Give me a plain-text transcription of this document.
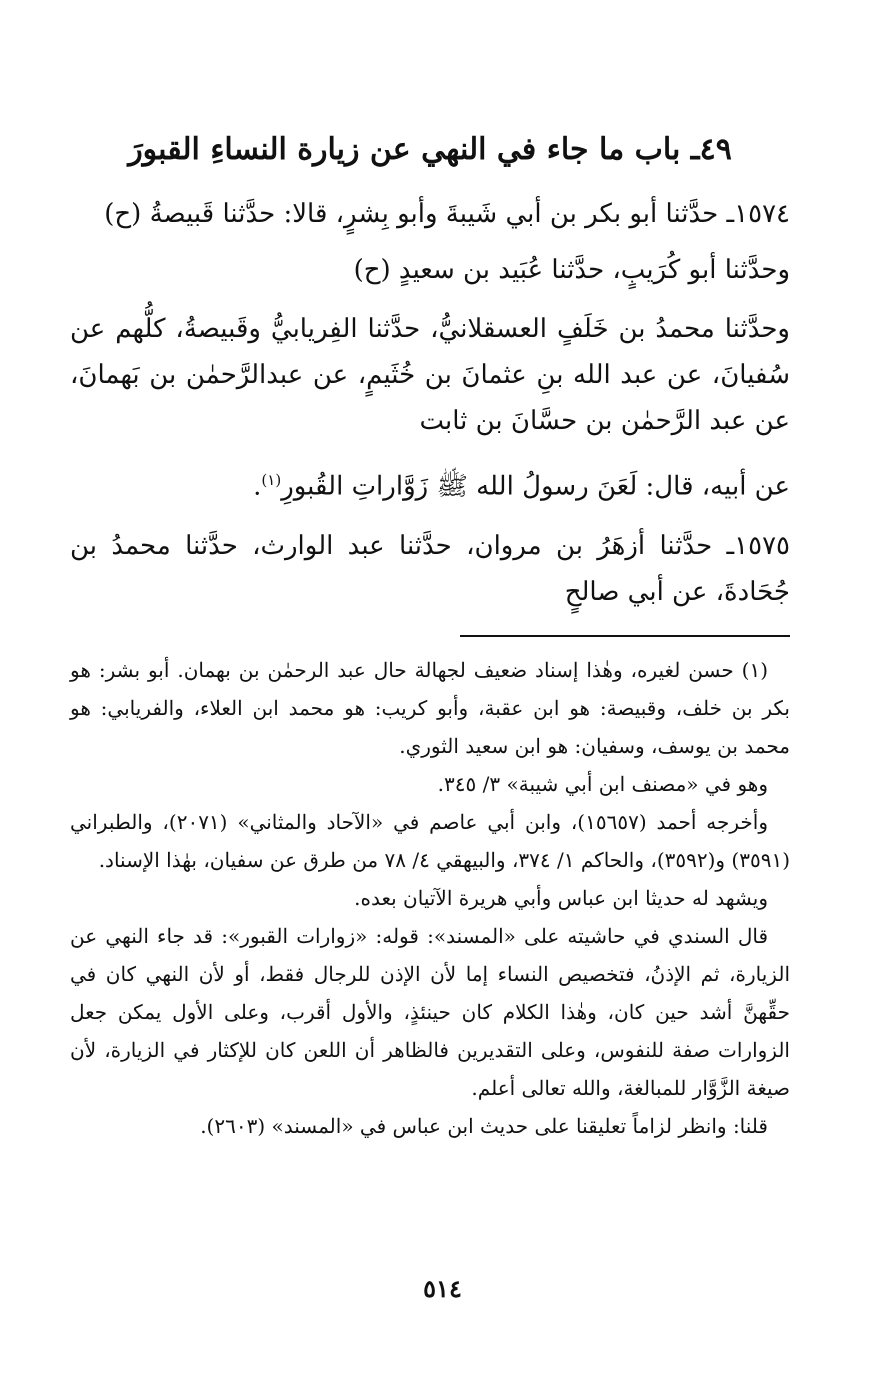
٤٩ـ باب ما جاء في النهي عن زيارة النساءِ القبورَ

١٥٧٤ـ حدَّثنا أبو بكر بن أبي شَيبةَ وأبو بِشرٍ، قالا: حدَّثنا قَبيصةُ (ح)

وحدَّثنا أبو كُرَيبٍ، حدَّثنا عُبَيد بن سعيدٍ (ح)

وحدَّثنا محمدُ بن خَلَفٍ العسقلانيُّ، حدَّثنا الفِريابيُّ وقَبيصةُ، كلُّهم عن سُفيانَ، عن عبد الله بنِ عثمانَ بن خُثَيمٍ، عن عبدالرَّحمٰن بن بَهمانَ، عن عبد الرَّحمٰن بن حسَّانَ بن ثابت

عن أبيه، قال: لَعَنَ رسولُ الله ﷺ زَوَّاراتِ القُبورِ$^{(١)}$.

١٥٧٥ـ حدَّثنا أزهَرُ بن مروان، حدَّثنا عبد الوارث، حدَّثنا محمدُ بن جُحَادةَ، عن أبي صالحٍ

(١) حسن لغيره، وهٰذا إسناد ضعيف لجهالة حال عبد الرحمٰن بن بهمان. أبو بشر: هو بكر بن خلف، وقبيصة: هو ابن عقبة، وأبو كريب: هو محمد ابن العلاء، والفريابي: هو محمد بن يوسف، وسفيان: هو ابن سعيد الثوري.

وهو في «مصنف ابن أبي شيبة» ٣/ ٣٤٥.

وأخرجه أحمد (١٥٦٥٧)، وابن أبي عاصم في «الآحاد والمثاني» (٢٠٧١)، والطبراني (٣٥٩١) و(٣٥٩٢)، والحاكم ١/ ٣٧٤، والبيهقي ٤/ ٧٨ من طرق عن سفيان، بهٰذا الإسناد.

ويشهد له حديثا ابن عباس وأبي هريرة الآتيان بعده.

قال السندي في حاشيته على «المسند»: قوله: «زوارات القبور»: قد جاء النهي عن الزيارة، ثم الإذنُ، فتخصيص النساء إما لأن الإذن للرجال فقط، أو لأن النهي كان في حقِّهنَّ أشد حين كان، وهٰذا الكلام كان حينئذٍ، والأول أقرب، وعلى الأول يمكن جعل الزوارات صفة للنفوس، وعلى التقديرين فالظاهر أن اللعن كان للإكثار في الزيارة، لأن صيغة الزَّوَّار للمبالغة، والله تعالى أعلم.

قلنا: وانظر لزاماً تعليقنا على حديث ابن عباس في «المسند» (٢٦٠٣).

٥١٤
